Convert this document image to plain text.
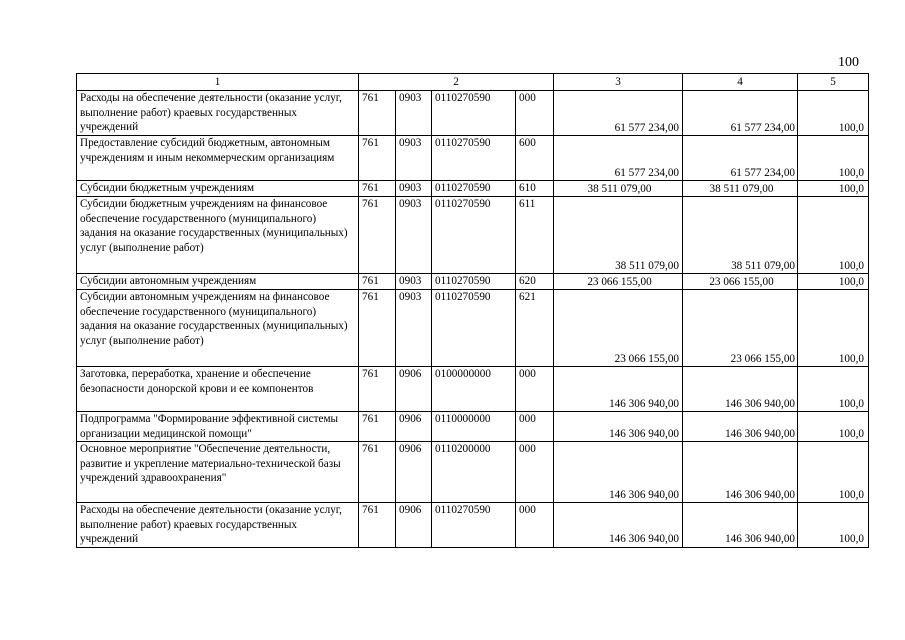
100
1	2				3	4	5
Расходы на обеспечение деятельности (оказание услуг, выполнение работ) краевых государственных учреждений	761	0903	0110270590	000	61 577 234,00	61 577 234,00	100,0
Предоставление субсидий бюджетным, автономным учреждениям и иным некоммерческим организациям	761	0903	0110270590	600	61 577 234,00	61 577 234,00	100,0
Субсидии бюджетным учреждениям	761	0903	0110270590	610	38 511 079,00	38 511 079,00	100,0
Субсидии бюджетным учреждениям на финансовое обеспечение государственного (муниципального) задания на оказание государственных (муниципальных) услуг (выполнение работ)	761	0903	0110270590	611	38 511 079,00	38 511 079,00	100,0
Субсидии автономным учреждениям	761	0903	0110270590	620	23 066 155,00	23 066 155,00	100,0
Субсидии автономным учреждениям на финансовое обеспечение государственного (муниципального) задания на оказание государственных (муниципальных) услуг (выполнение работ)	761	0903	0110270590	621	23 066 155,00	23 066 155,00	100,0
Заготовка, переработка, хранение и обеспечение безопасности донорской крови и ее компонентов	761	0906	0100000000	000	146 306 940,00	146 306 940,00	100,0
Подпрограмма "Формирование эффективной системы организации медицинской помощи"	761	0906	0110000000	000	146 306 940,00	146 306 940,00	100,0
Основное мероприятие "Обеспечение деятельности, развитие и укрепление материально-технической базы учреждений здравоохранения"	761	0906	0110200000	000	146 306 940,00	146 306 940,00	100,0
Расходы на обеспечение деятельности (оказание услуг, выполнение работ) краевых государственных учреждений	761	0906	0110270590	000	146 306 940,00	146 306 940,00	100,0
